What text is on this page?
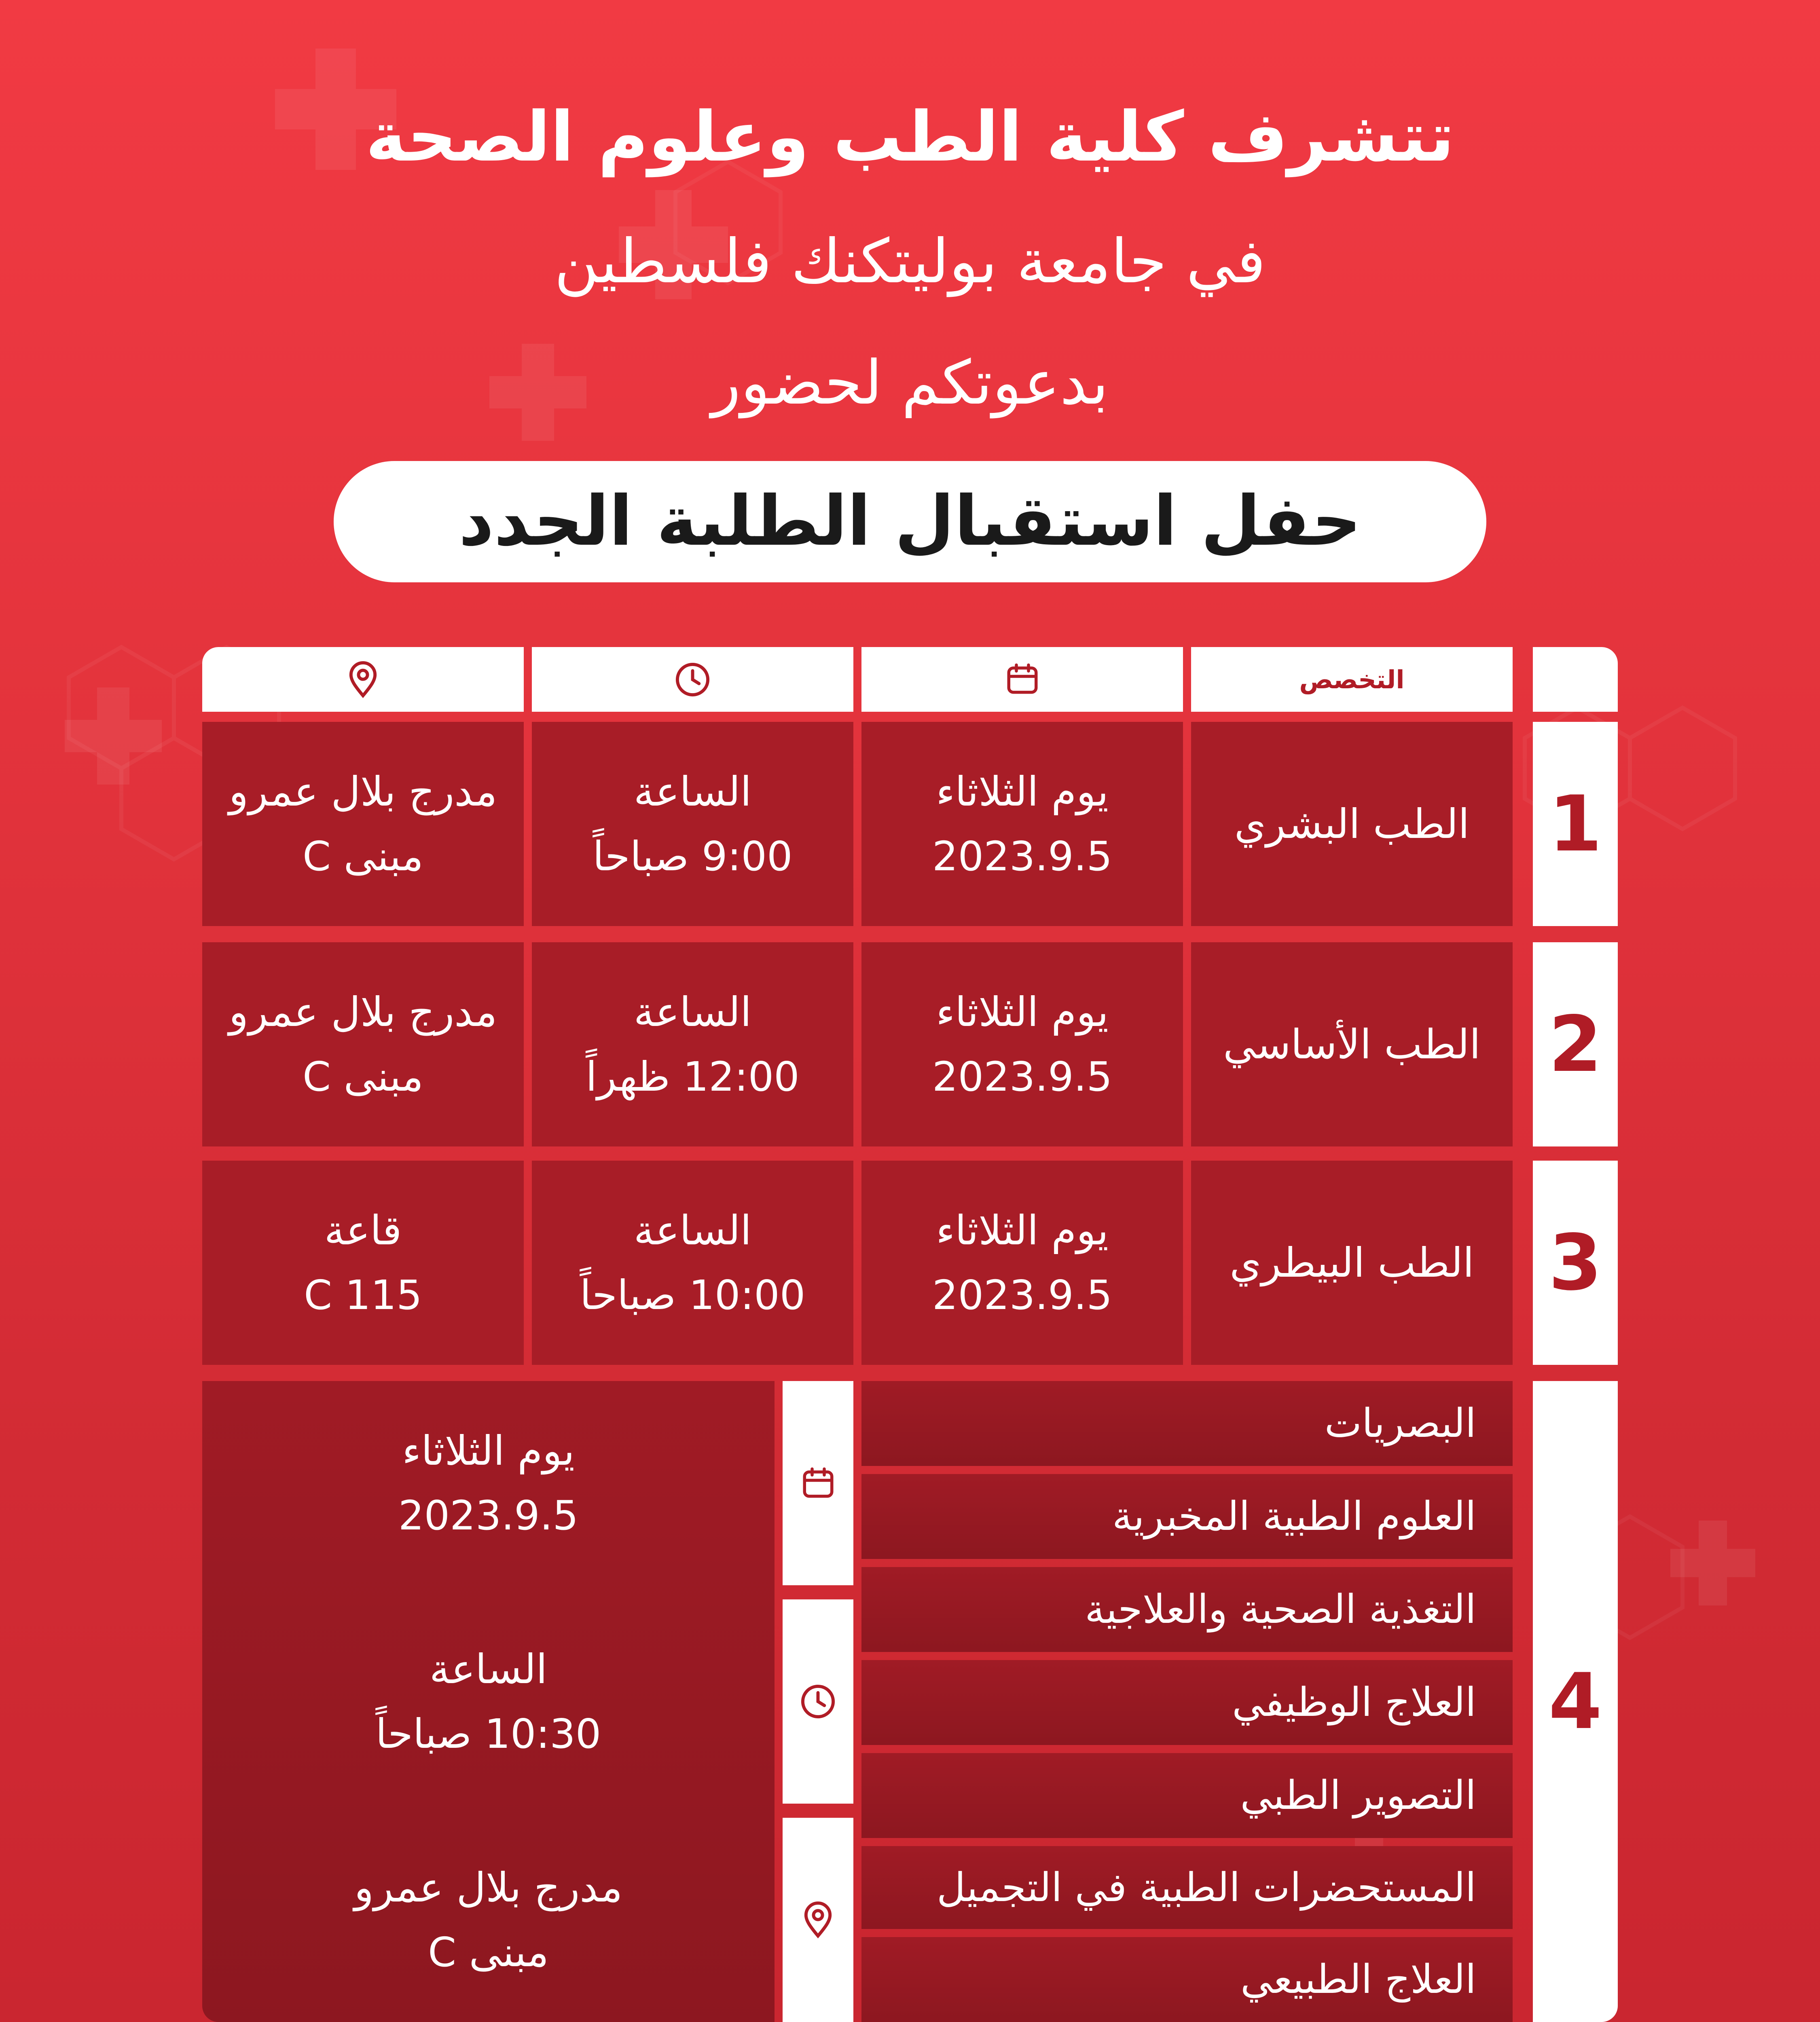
تتشرف كلية الطب وعلوم الصحة
في جامعة بوليتكنك فلسطين
بدعوتكم لحضور
حفل استقبال الطلبة الجدد
التخصص
1
الطب البشري
يوم الثلاثاء
2023.9.5
الساعة
9:00 صباحاً
مدرج بلال عمرو
مبنى C
2
الطب الأساسي
يوم الثلاثاء
2023.9.5
الساعة
12:00 ظهراً
مدرج بلال عمرو
مبنى C
3
الطب البيطري
يوم الثلاثاء
2023.9.5
الساعة
10:00 صباحاً
قاعة
C 115
4
البصريات
العلوم الطبية المخبرية
التغذية الصحية والعلاجية
العلاج الوظيفي
التصوير الطبي
المستحضرات الطبية في التجميل
العلاج الطبيعي
يوم الثلاثاء
2023.9.5
الساعة
10:30 صباحاً
مدرج بلال عمرو
مبنى C
